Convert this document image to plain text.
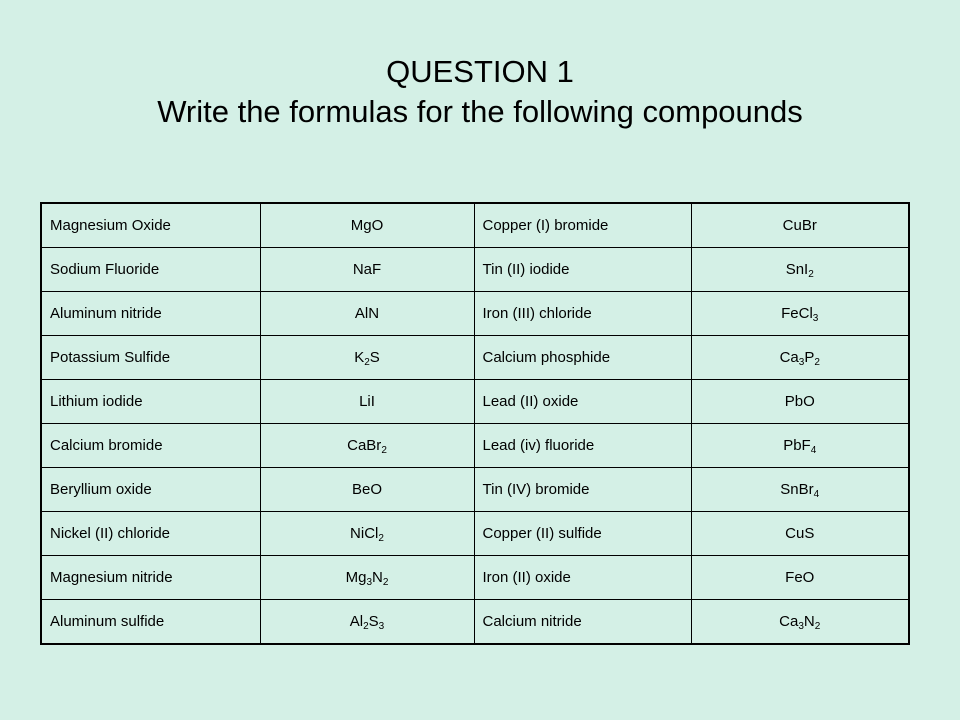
QUESTION 1
Write the formulas for the following compounds
Magnesium Oxide	MgO	Copper (I) bromide	CuBr
Sodium Fluoride	NaF	Tin (II) iodide	SnI$_2$
Aluminum nitride	AlN	Iron (III) chloride	FeCl$_3$
Potassium Sulfide	$K_2S$	Calcium phosphide	$Ca_3P_2$
Lithium iodide	LiI	Lead (II) oxide	PbO
Calcium bromide	CaBr$_2$	Lead (iv) fluoride	PbF$_4$
Beryllium oxide	BeO	Tin (IV) bromide	SnBr$_4$
Nickel (II) chloride	NiCl$_2$	Copper (II) sulfide	CuS
Magnesium nitride	$Mg_3N_2$	Iron (II) oxide	FeO
Aluminum sulfide	$Al_2S_3$	Calcium nitride	$Ca_3N_2$
